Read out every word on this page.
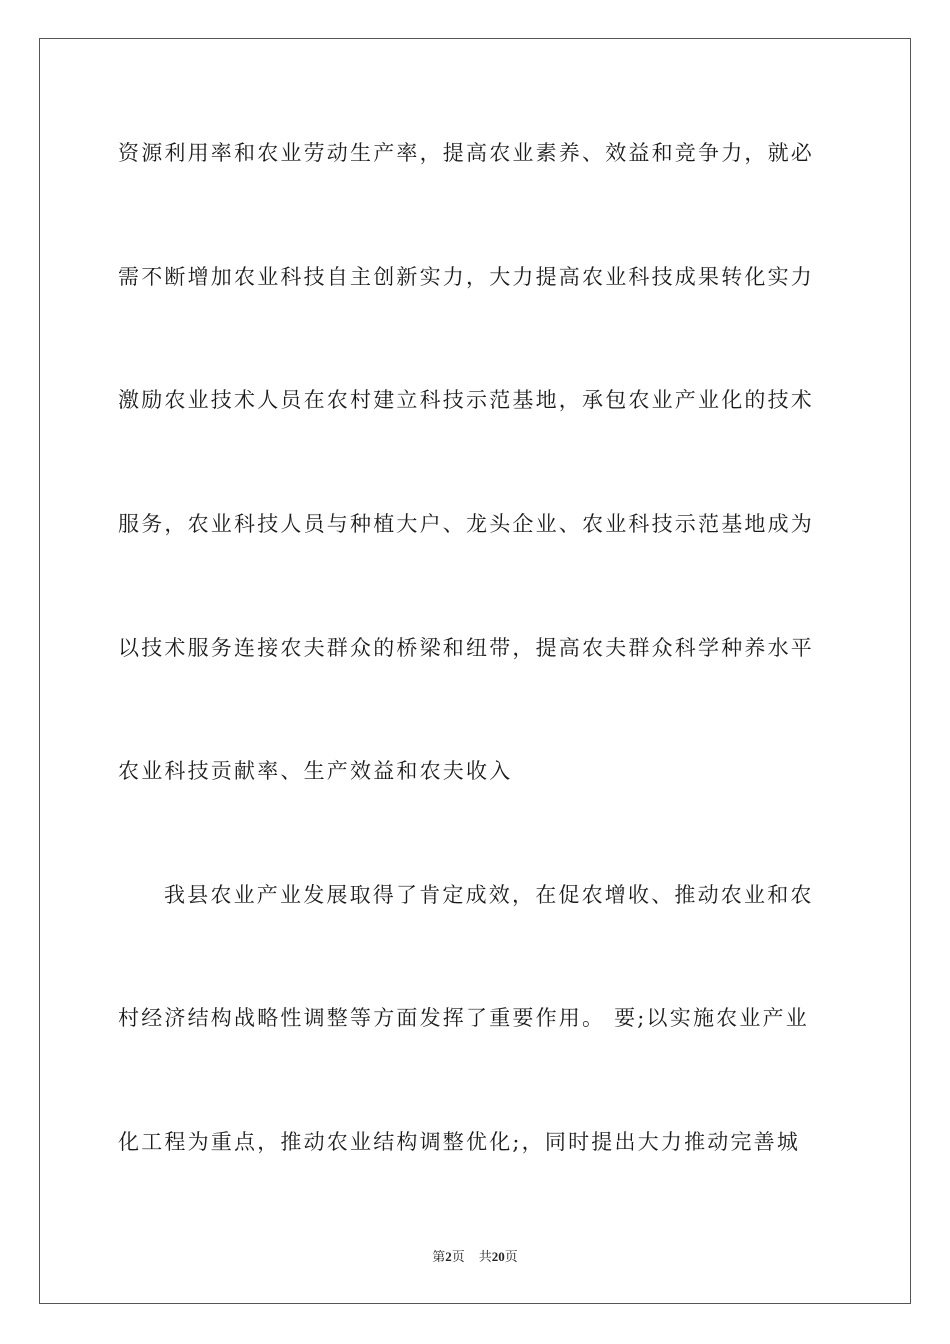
资源利用率和农业劳动生产率，提高农业素养、效益和竞争力，就必
需不断增加农业科技自主创新实力，大力提高农业科技成果转化实力
激励农业技术人员在农村建立科技示范基地，承包农业产业化的技术
服务，农业科技人员与种植大户、龙头企业、农业科技示范基地成为
以技术服务连接农夫群众的桥梁和纽带，提高农夫群众科学种养水平
农业科技贡献率、生产效益和农夫收入
我县农业产业发展取得了肯定成效，在促农增收、推动农业和农
村经济结构战略性调整等方面发挥了重要作用。 要;以实施农业产业
化工程为重点，推动农业结构调整优化;，同时提出大力推动完善城
第2页 共20页
